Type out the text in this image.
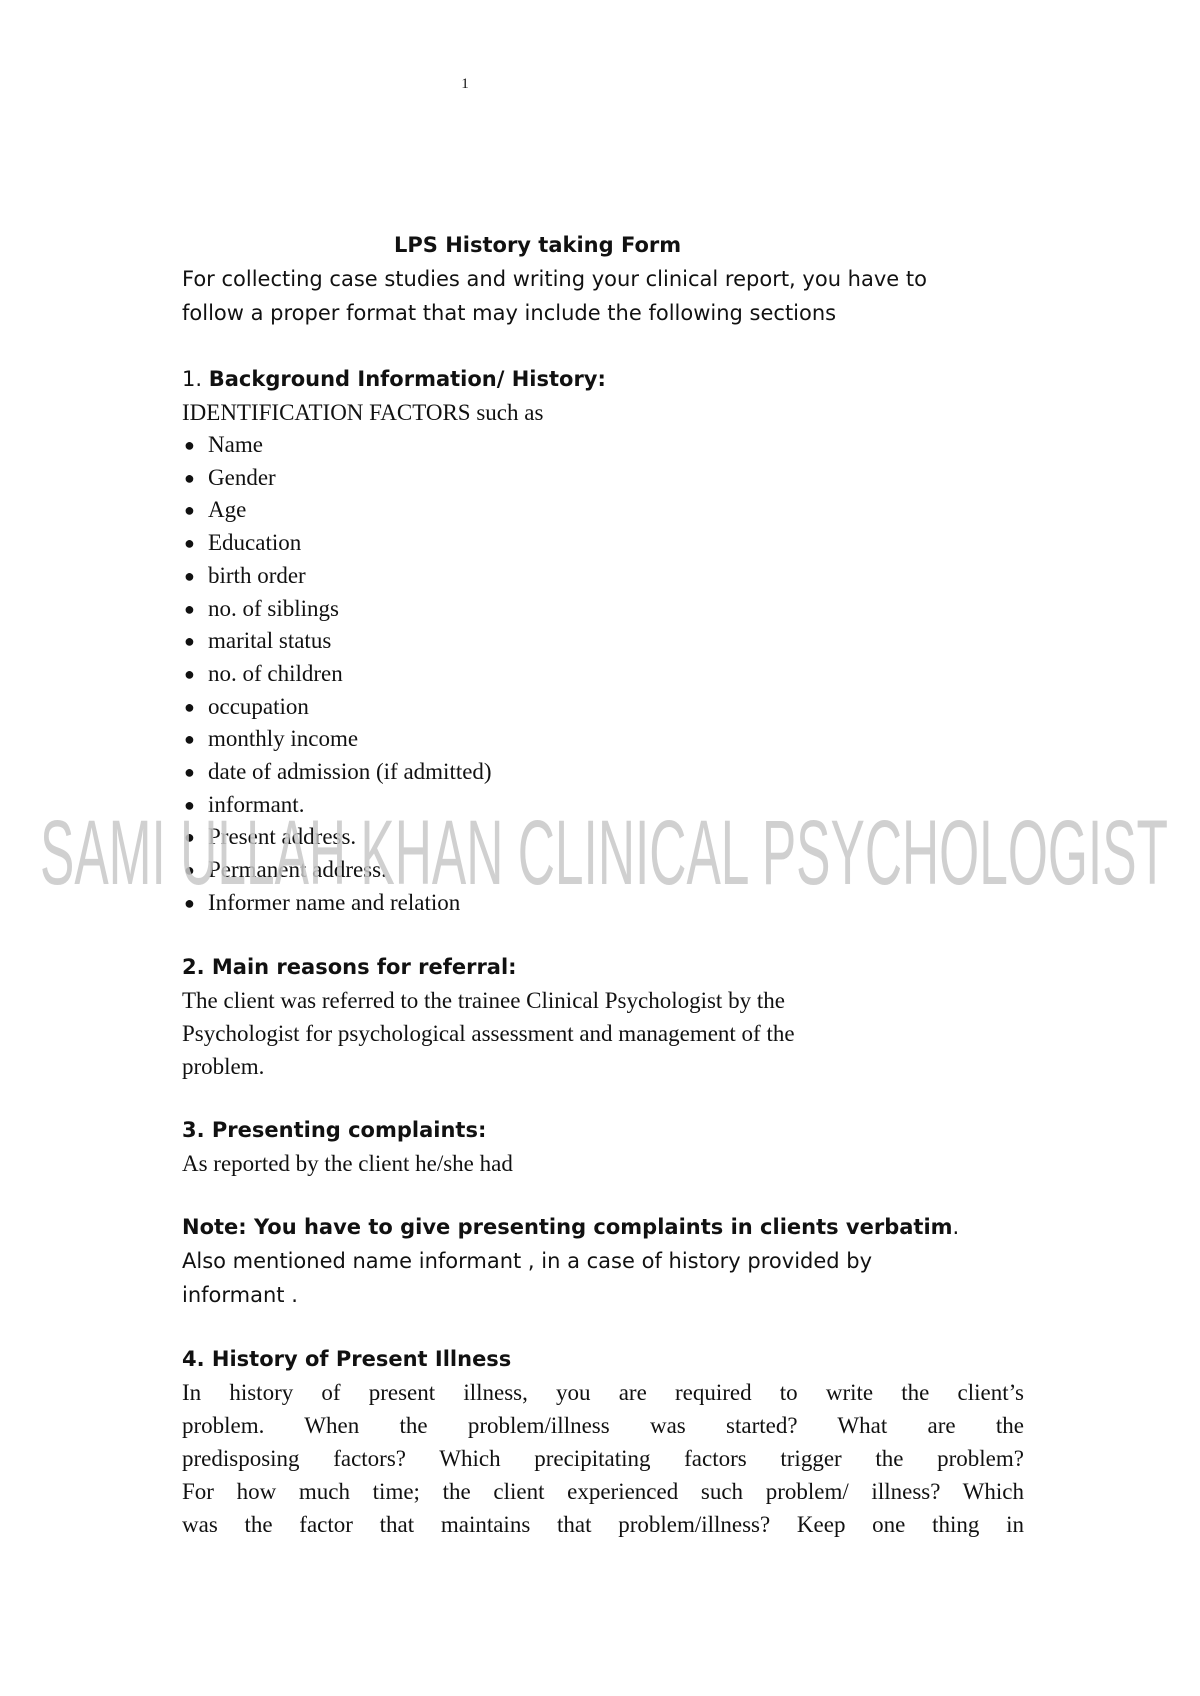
1

LPS History taking Form

For collecting case studies and writing your clinical report, you have to

follow a proper format that may include the following sections

1. Background Information/ History:

IDENTIFICATION FACTORS such as

● Name
● Gender
● Age
● Education
● birth order
● no. of siblings
● marital status
● no. of children
● occupation
● monthly income
● date of admission (if admitted)
● informant.
● Present address.
● Permanent address.
● Informer name and relation

2. Main reasons for referral:

The client was referred to the trainee Clinical Psychologist by the

Psychologist for psychological assessment and management of the

problem.

3. Presenting complaints:

As reported by the client he/she had

Note: You have to give presenting complaints in clients verbatim.

Also mentioned name informant , in a case of history provided by

informant .

4. History of Present Illness

In history of present illness, you are required to write the client’s

problem. When the problem/illness was started? What are the

predisposing factors? Which precipitating factors trigger the problem?

For how much time; the client experienced such problem/ illness? Which

was the factor that maintains that problem/illness? Keep one thing in

SAMI ULLAH KHAN CLINICAL PSYCHOLOGIST
